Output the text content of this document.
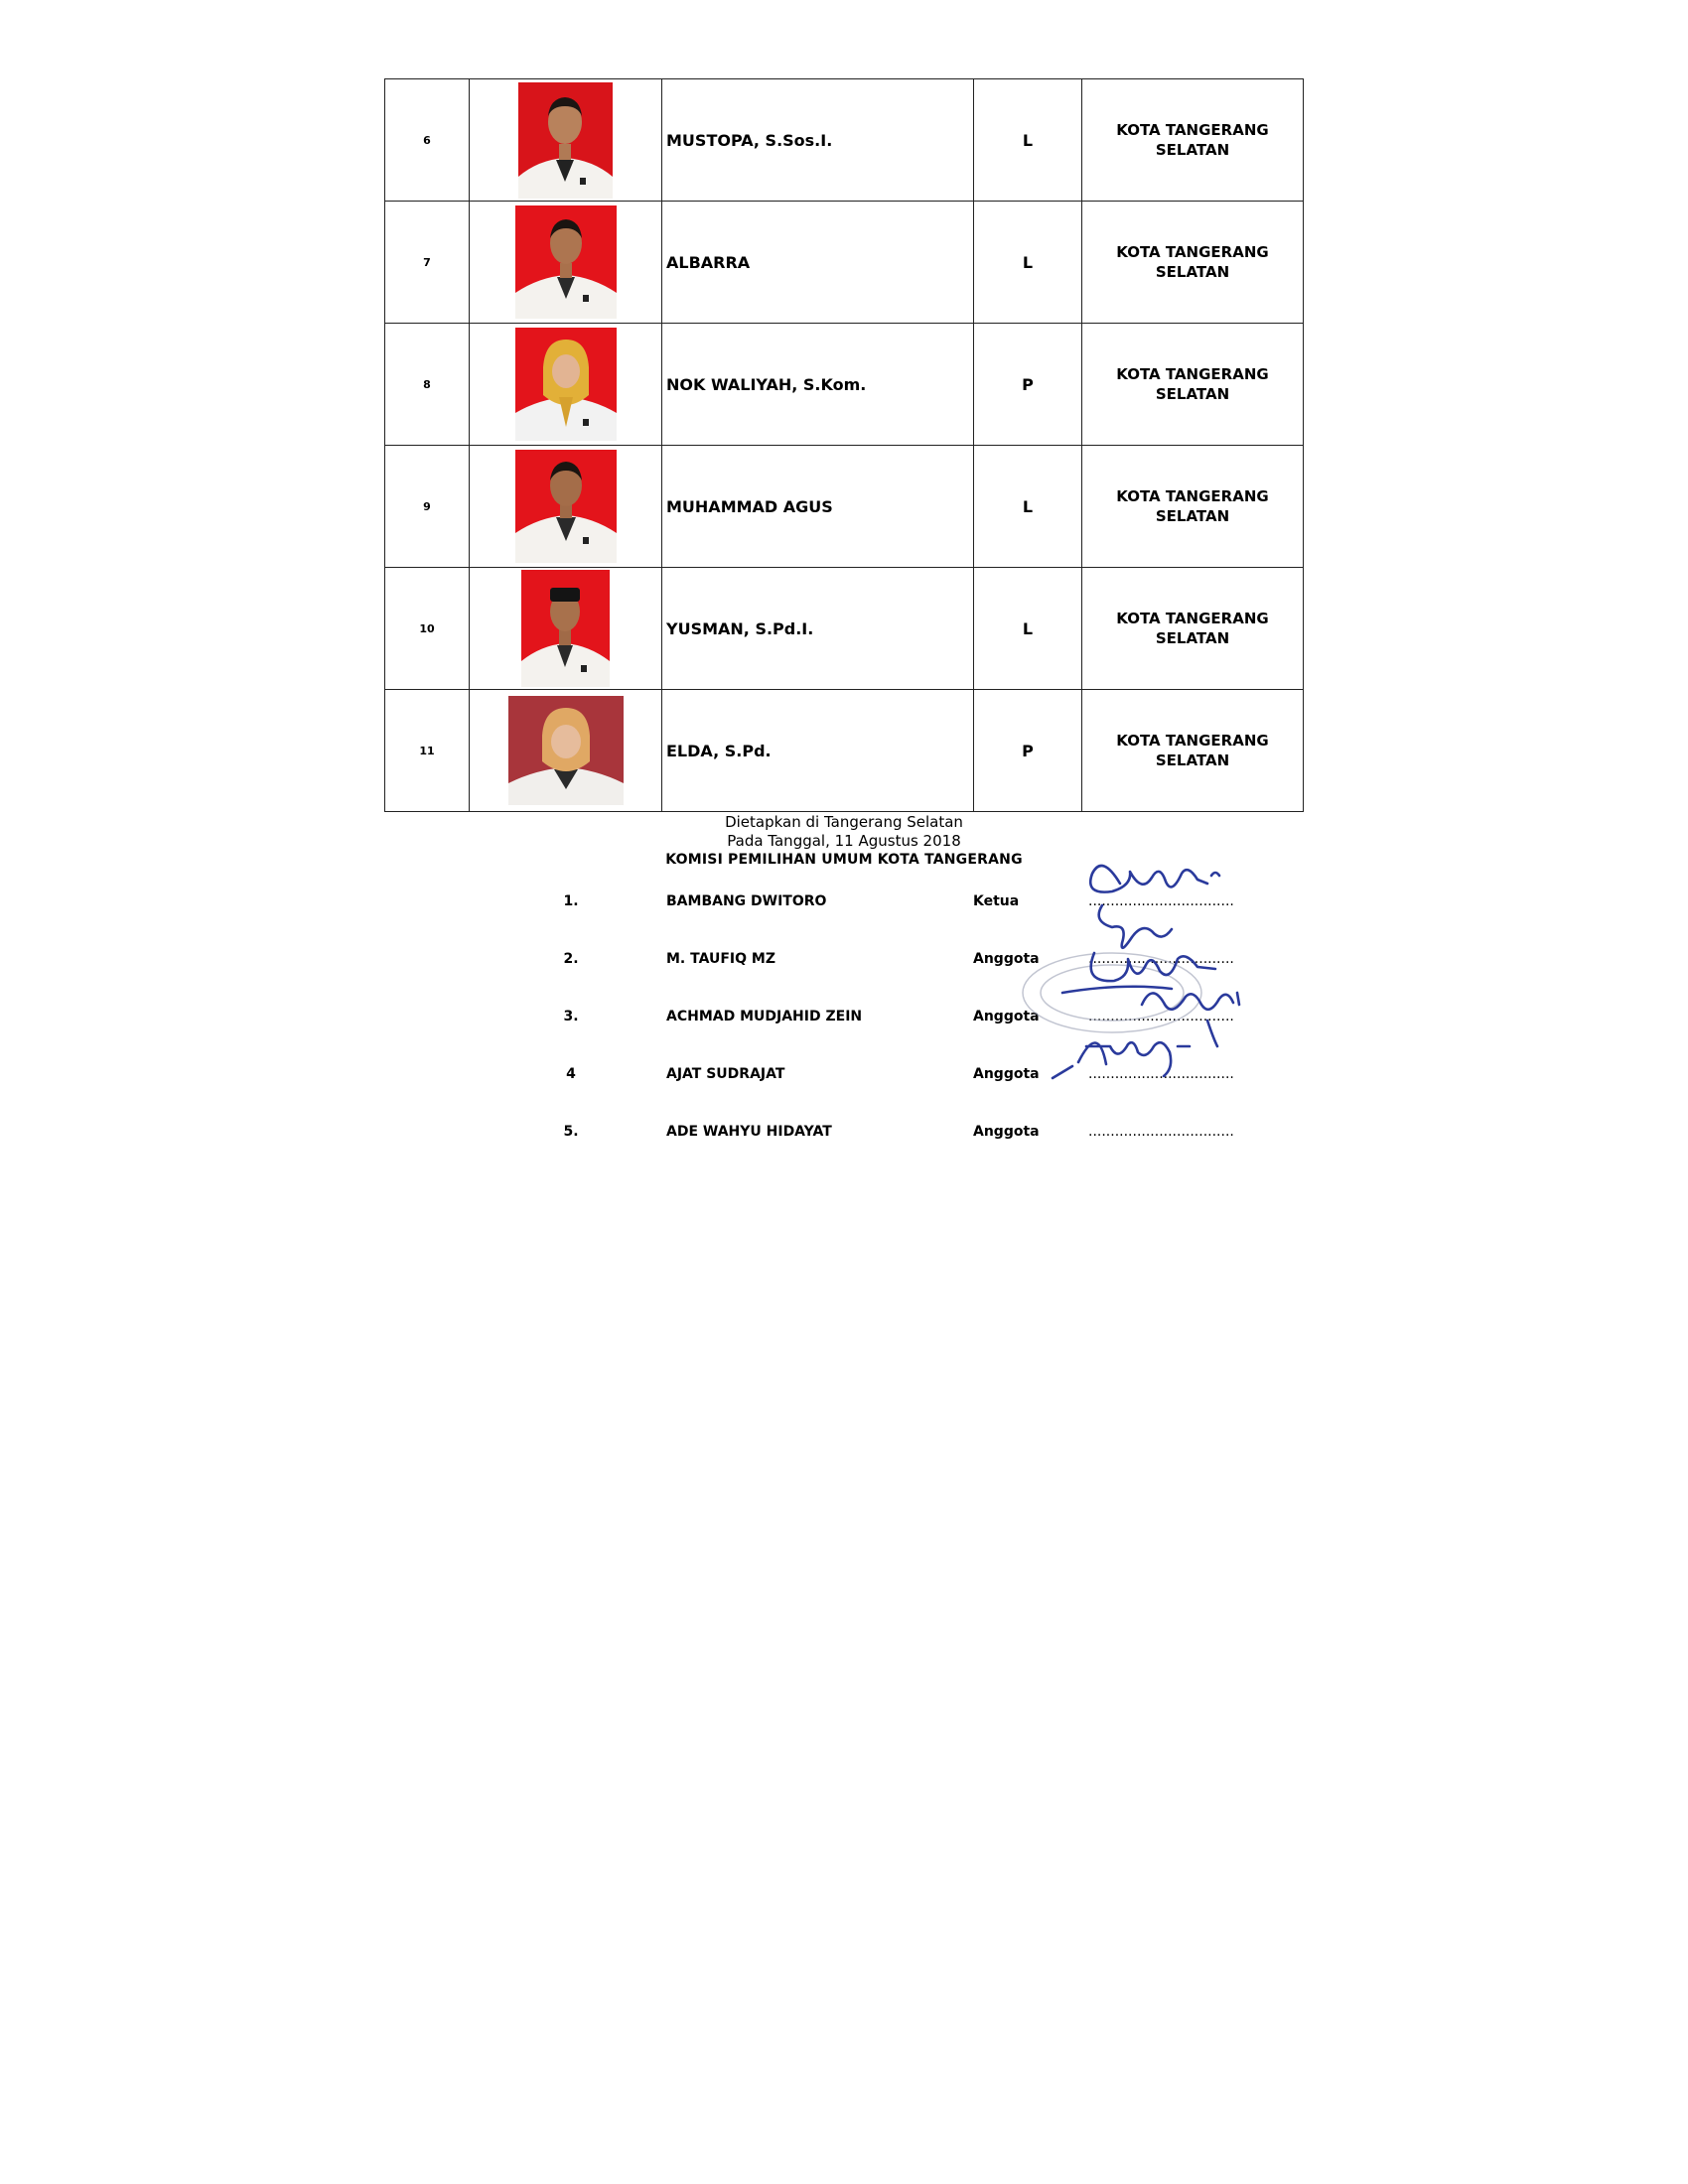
6		MUSTOPA, S.Sos.I.	L	KOTA TANGERANG
SELATAN

7		ALBARRA	L	KOTA TANGERANG
SELATAN

8		NOK WALIYAH, S.Kom.	P	KOTA TANGERANG
SELATAN

9		MUHAMMAD AGUS	L	KOTA TANGERANG
SELATAN

10		YUSMAN, S.Pd.I.	L	KOTA TANGERANG
SELATAN

11		ELDA, S.Pd.	P	KOTA TANGERANG
SELATAN
Dietapkan di Tangerang Selatan
Pada Tanggal, 11 Agustus 2018
KOMISI PEMILIHAN UMUM KOTA TANGERANG
1.	BAMBANG DWITORO	Ketua	.................................
2.	M. TAUFIQ MZ	Anggota	.................................
3.	ACHMAD MUDJAHID ZEIN	Anggota	.................................
4	AJAT SUDRAJAT	Anggota	.................................
5.	ADE WAHYU HIDAYAT	Anggota	.................................
